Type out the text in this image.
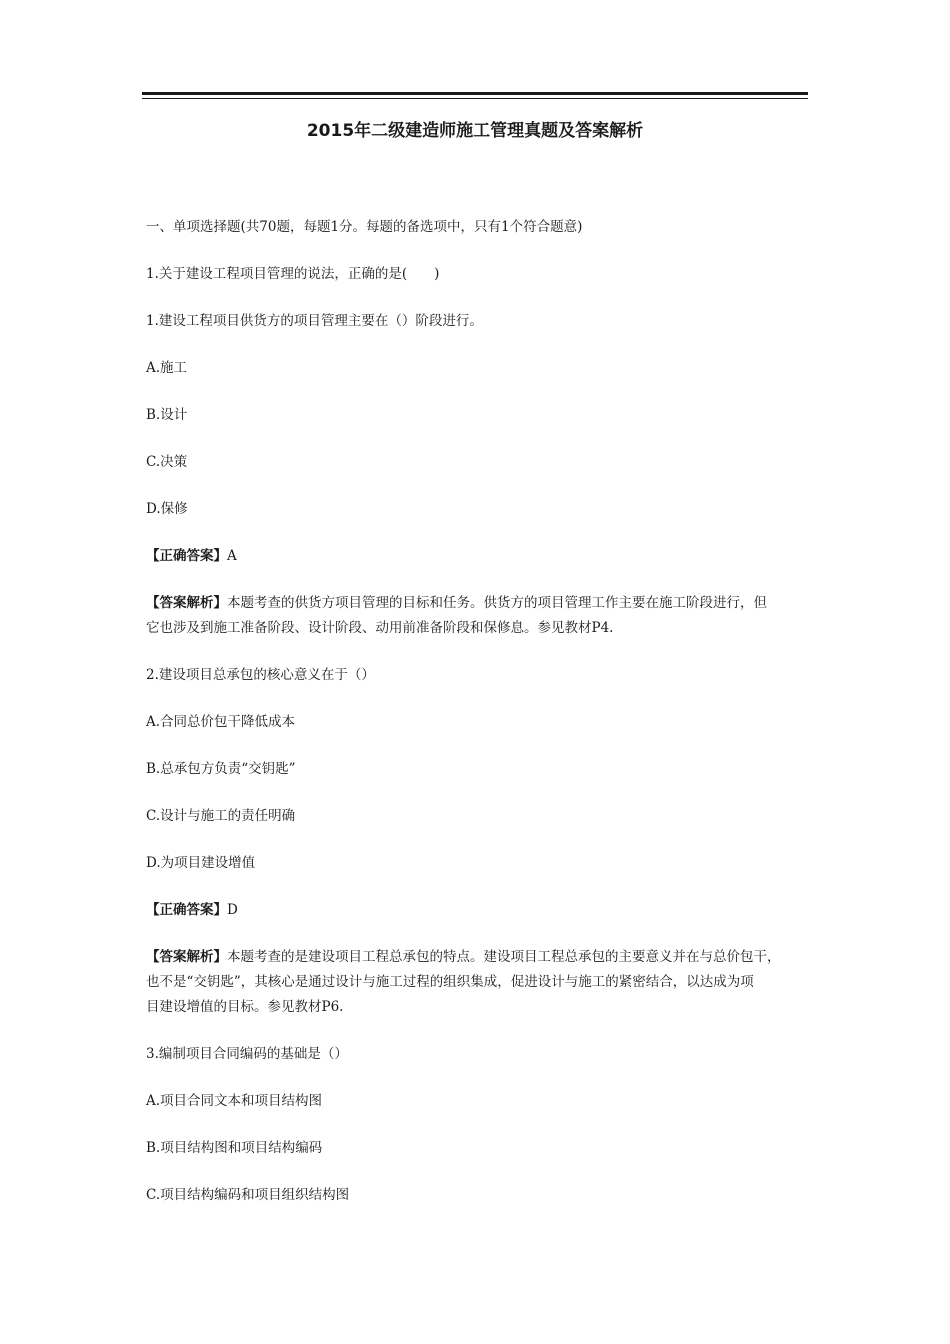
2015年二级建造师施工管理真题及答案解析
一、单项选择题(共70题，每题1分。每题的备选项中，只有1个符合题意)
1.关于建设工程项目管理的说法，正确的是(　　)
1.建设工程项目供货方的项目管理主要在（）阶段进行。
A.施工
B.设计
C.决策
D.保修
【正确答案】A
【答案解析】本题考查的供货方项目管理的目标和任务。供货方的项目管理工作主要在施工阶段进行，但
它也涉及到施工准备阶段、设计阶段、动用前准备阶段和保修息。参见教材P4.
2.建设项目总承包的核心意义在于（）
A.合同总价包干降低成本
B.总承包方负责“交钥匙”
C.设计与施工的责任明确
D.为项目建设增值
【正确答案】D
【答案解析】本题考查的是建设项目工程总承包的特点。建设项目工程总承包的主要意义并在与总价包干，
也不是“交钥匙”，其核心是通过设计与施工过程的组织集成，促进设计与施工的紧密结合，以达成为项
目建设增值的目标。参见教材P6.
3.编制项目合同编码的基础是（）
A.项目合同文本和项目结构图
B.项目结构图和项目结构编码
C.项目结构编码和项目组织结构图
